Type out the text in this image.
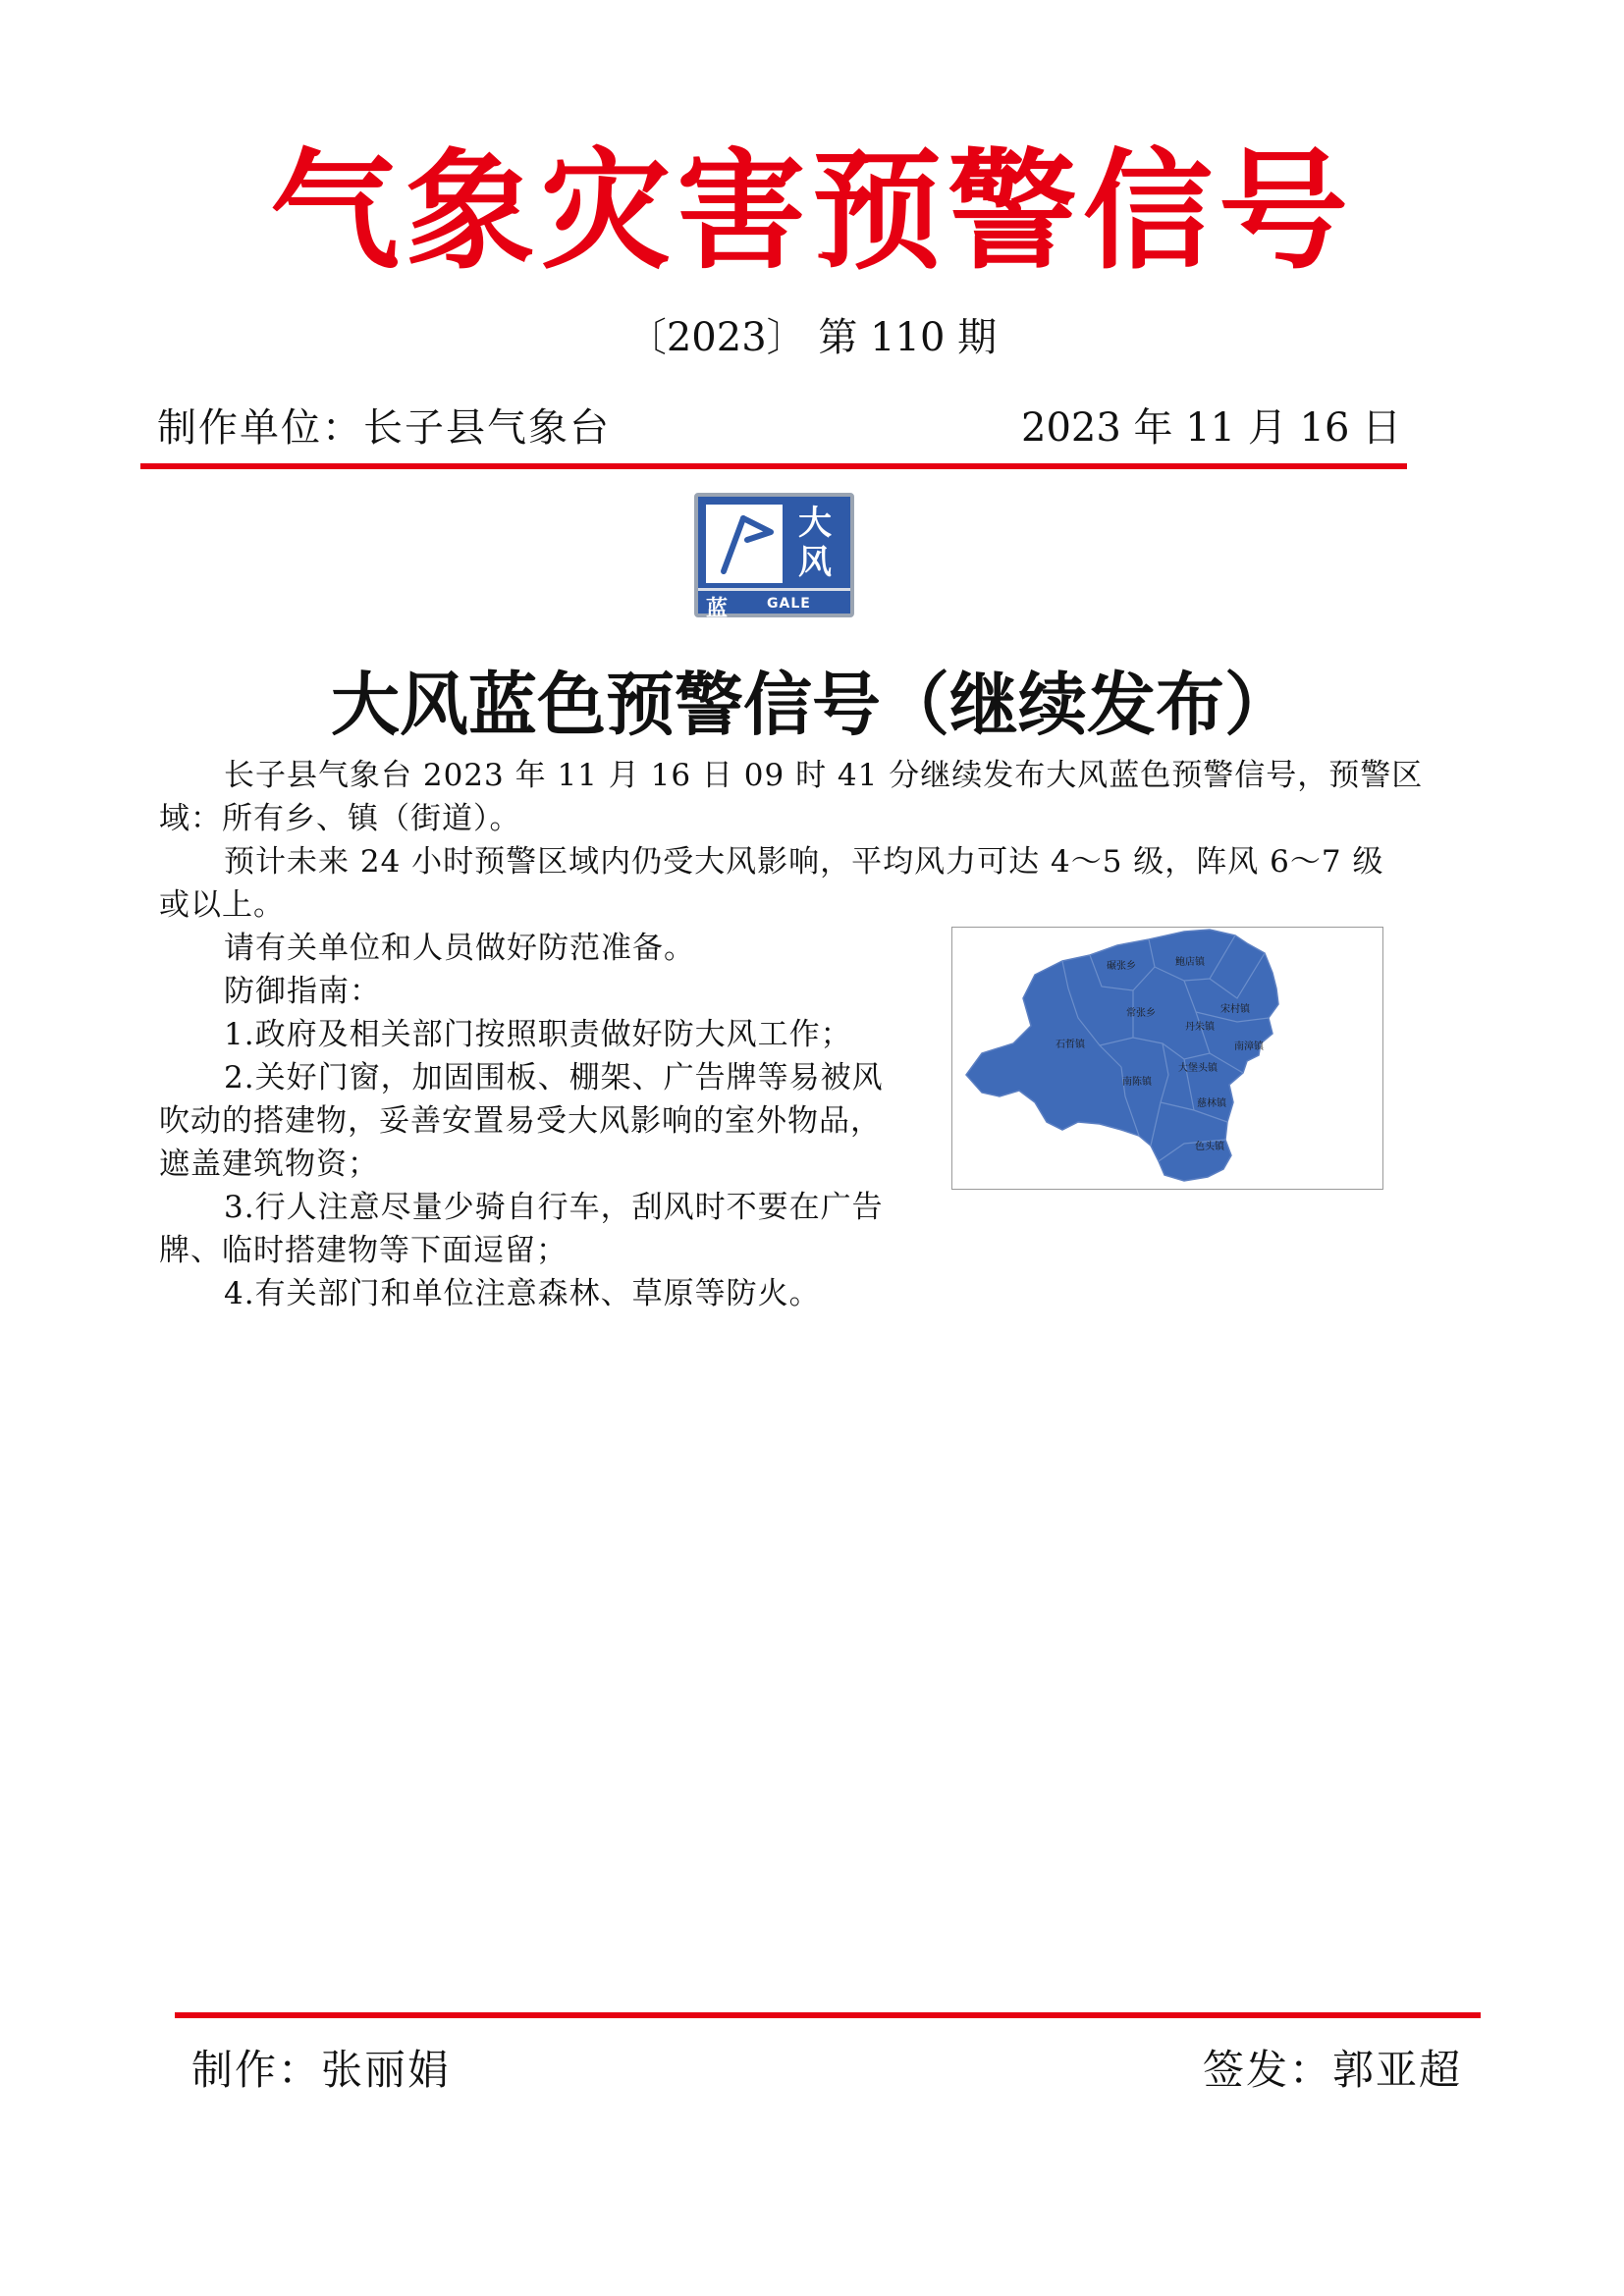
气象灾害预警信号
〔2023〕 第 110 期
制作单位：长子县气象台	2023 年 11 月 16 日
大
风
蓝	GALE
大风蓝色预警信号（继续发布）
长子县气象台 2023 年 11 月 16 日 09 时 41 分继续发布大风蓝色预警信号，预警区
域：所有乡、镇（街道）。
预计未来 24 小时预警区域内仍受大风影响，平均风力可达 4～5 级，阵风 6～7 级
或以上。
请有关单位和人员做好防范准备。
防御指南：
1.政府及相关部门按照职责做好防大风工作；
2.关好门窗，加固围板、棚架、广告牌等易被风
吹动的搭建物，妥善安置易受大风影响的室外物品，
遮盖建筑物资；
3.行人注意尽量少骑自行车，刮风时不要在广告
牌、临时搭建物等下面逗留；
4.有关部门和单位注意森林、草原等防火。
碾张乡	鲍店镇
常张乡	宋村镇
丹朱镇
石哲镇	南漳镇
大堡头镇
南陈镇
慈林镇
色头镇
制作：张丽娟	签发：郭亚超
